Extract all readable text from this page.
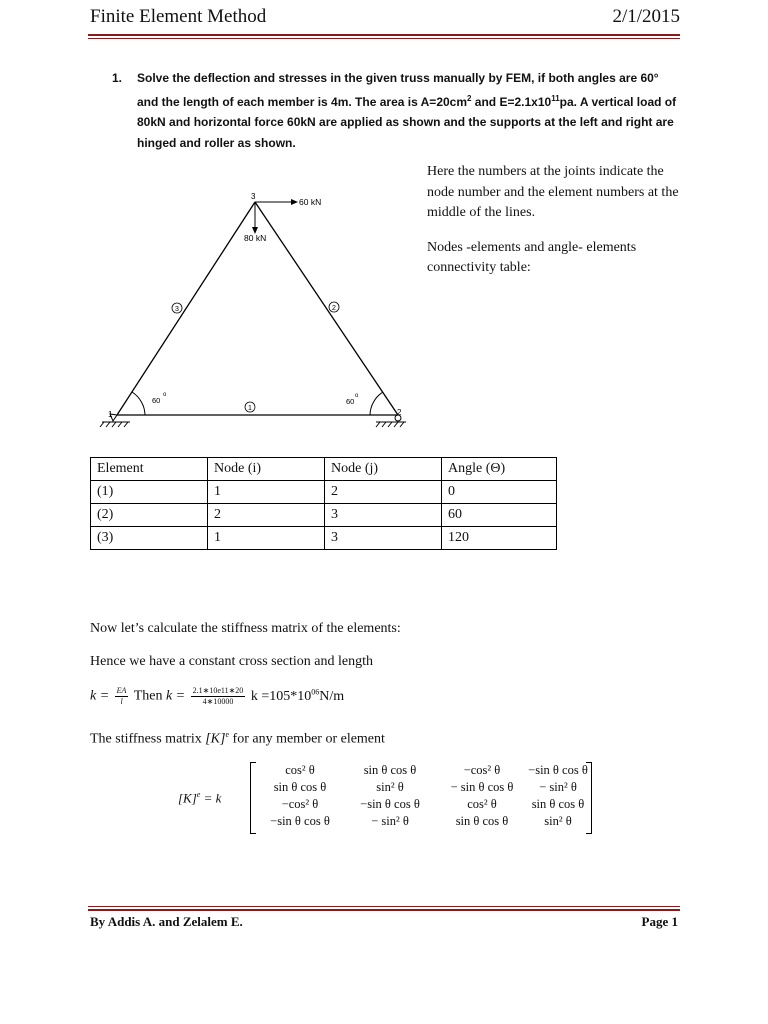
Finite Element Method	2/1/2015
1. Solve the deflection and stresses in the given truss manually by FEM, if both angles are 60° and the length of each member is 4m. The area is $A=20cm^2$ and $E=2.1x10^{11}pa$. A vertical load of 80kN and horizontal force 60kN are applied as shown and the supports at the left and right are hinged and roller as shown.
60 kN
80 kN
3
1	2
3	2
1
60
o
60
o

Here the numbers at the joints indicate the node number and the element numbers at the middle of the lines.

Nodes -elements and angle- elements connectivity table:

Element	Node (i)	Node (j)	Angle (Θ)
(1)	1	2	0
(2)	2	3	60
(3)	1	3	120
Now let’s calculate the stiffness matrix of the elements:
Hence we have a constant cross section and length
$k = \frac{EA}{l}$ Then $k = \frac{2.1∗10e11∗20}{4∗10000}$ $k =105*10^{06}N/m$
The stiffness matrix $[K]^e$ for any member or element
$[K]^e = k$
cos² θ	sin θ cos θ	−cos² θ	−sin θ cos θ
sin θ cos θ	sin² θ	− sin θ cos θ	− sin² θ
−cos² θ	−sin θ cos θ	cos² θ	sin θ cos θ
−sin θ cos θ	− sin² θ	sin θ cos θ	sin² θ
By Addis A. and Zelalem E.	Page 1
